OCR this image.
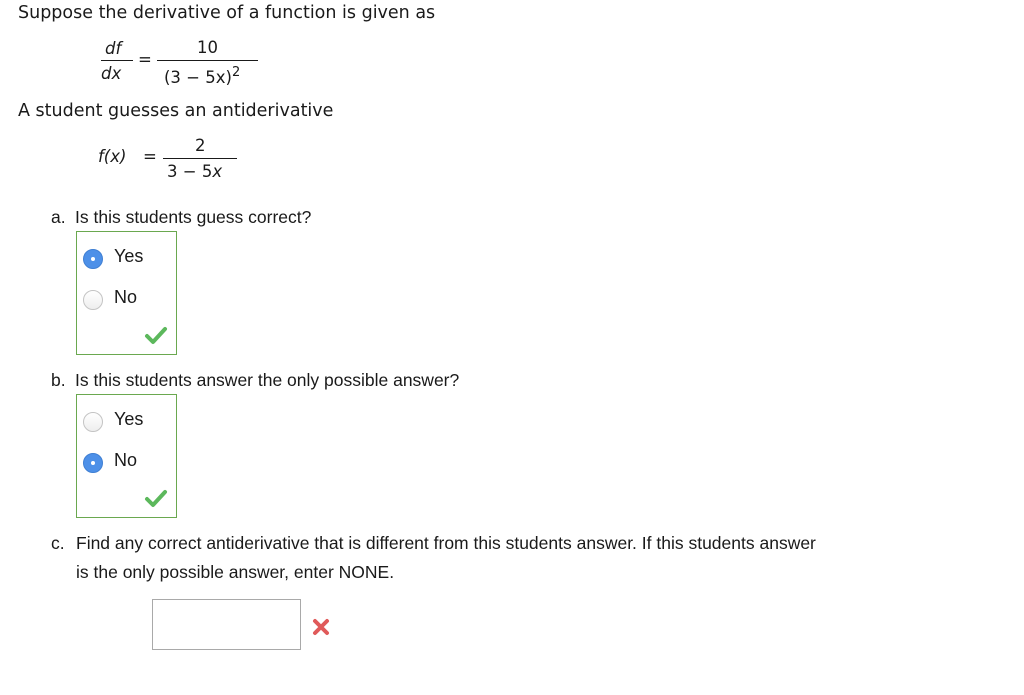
Suppose the derivative of a function is given as
df
dx
=
10
$(3 - 5x)^2$
A student guesses an antiderivative
f(x) =
2
3 − 5x
a. Is this students guess correct?
Yes
No
b. Is this students answer the only possible answer?
Yes
No
c. Find any correct antiderivative that is different from this students answer. If this students answer
is the only possible answer, enter NONE.
